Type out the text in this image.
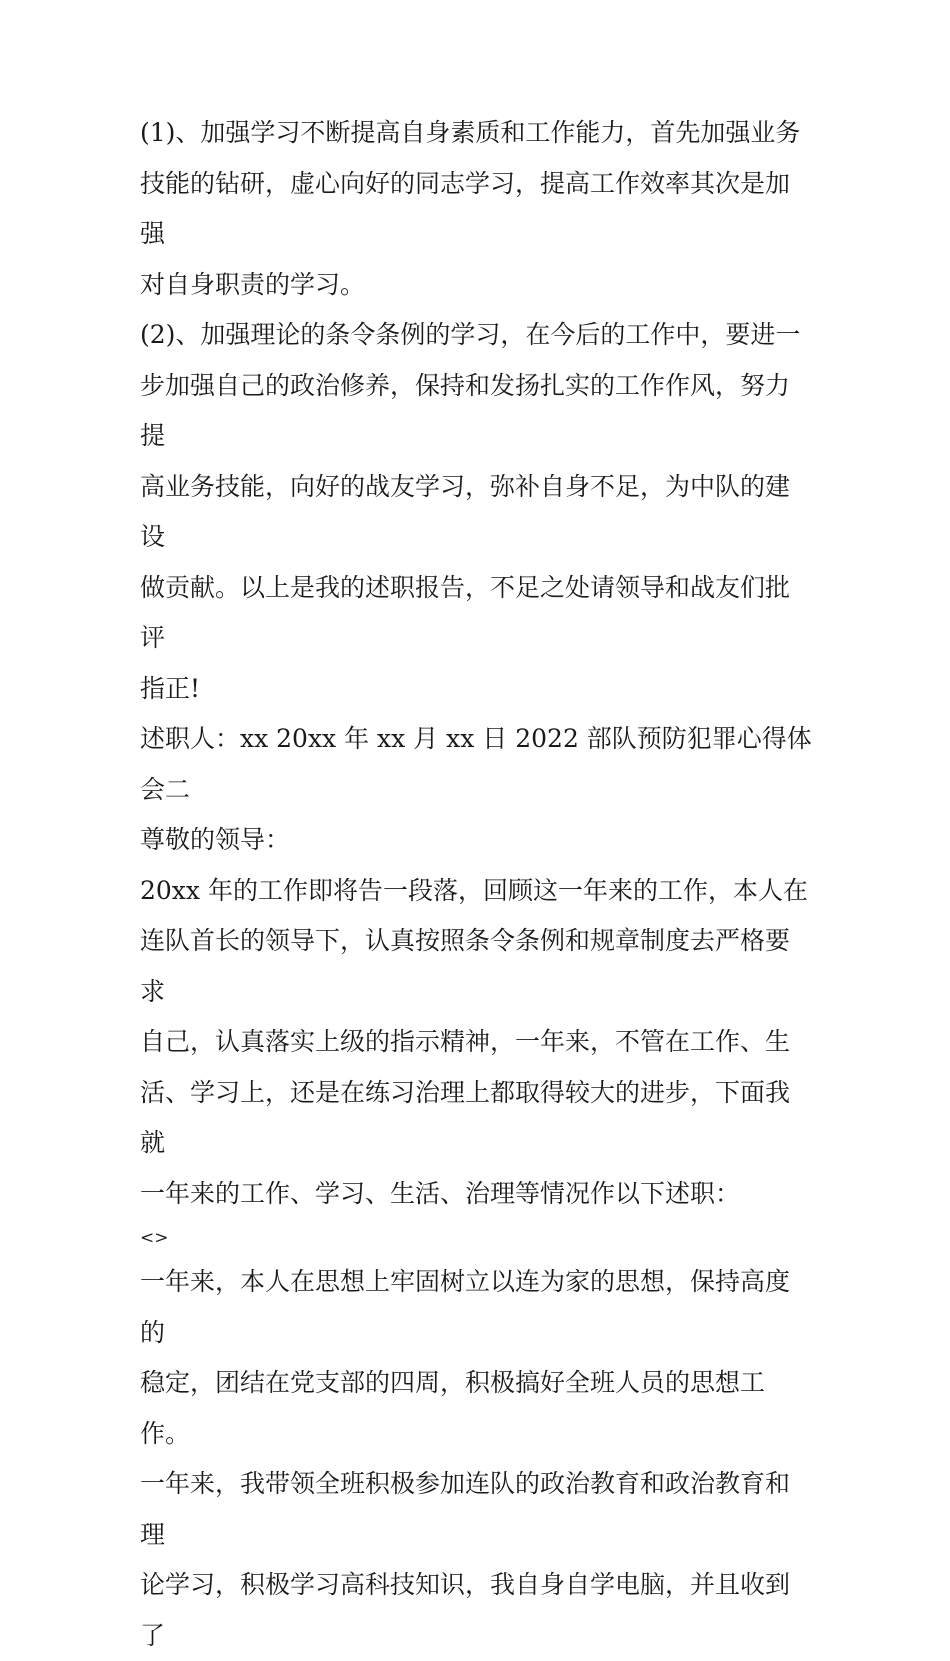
(1)、加强学习不断提高自身素质和工作能力，首先加强业务
技能的钻研，虚心向好的同志学习，提高工作效率其次是加强
对自身职责的学习。

(2)、加强理论的条令条例的学习，在今后的工作中，要进一
步加强自己的政治修养，保持和发扬扎实的工作作风，努力提
高业务技能，向好的战友学习，弥补自身不足，为中队的建设
做贡献。以上是我的述职报告，不足之处请领导和战友们批评
指正!

述职人：xx 20xx 年 xx 月 xx 日 2022 部队预防犯罪心得体会二
尊敬的领导：

20xx 年的工作即将告一段落，回顾这一年来的工作，本人在
连队首长的领导下，认真按照条令条例和规章制度去严格要求
自己，认真落实上级的指示精神，一年来，不管在工作、生
活、学习上，还是在练习治理上都取得较大的进步，下面我就
一年来的工作、学习、生活、治理等情况作以下述职：

<>

一年来，本人在思想上牢固树立以连为家的思想，保持高度的
稳定，团结在党支部的四周，积极搞好全班人员的思想工作。
一年来，我带领全班积极参加连队的政治教育和政治教育和理
论学习，积极学习高科技知识，我自身自学电脑，并且收到了
